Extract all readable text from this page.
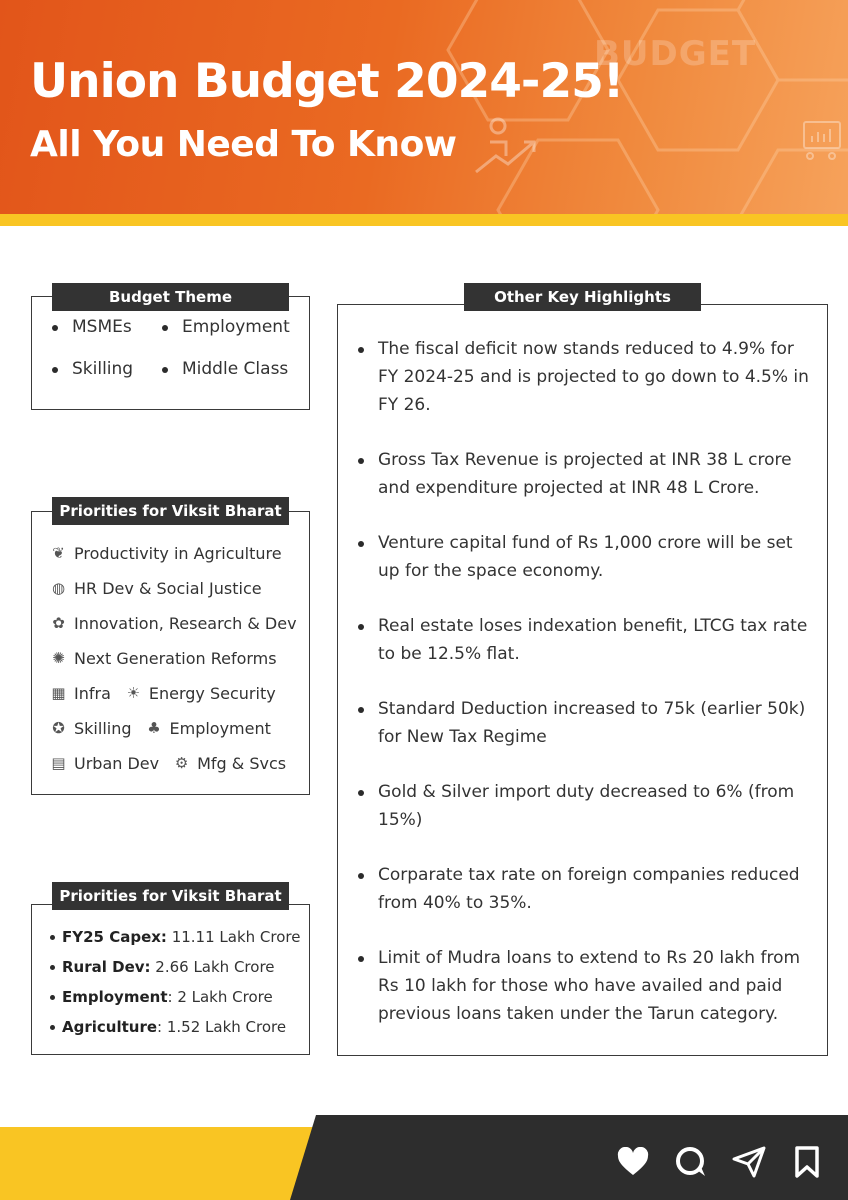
BUDGET
Union Budget 2024-25!
All You Need To Know
MSMEs	Employment
Skilling	Middle Class
Budget Theme
❦ Productivity in Agriculture
◍ HR Dev & Social Justice
✿ Innovation, Research & Dev
✺ Next Generation Reforms
▦ Infra ☀ Energy Security
✪ Skilling ♣ Employment
▤ Urban Dev ⚙ Mfg & Svcs
Priorities for Viksit Bharat
FY25 Capex: 11.11 Lakh Crore
Rural Dev: 2.66 Lakh Crore
Employment: 2 Lakh Crore
Agriculture: 1.52 Lakh Crore
Priorities for Viksit Bharat
The fiscal deficit now stands reduced to 4.9% for FY 2024-25 and is projected to go down to 4.5% in FY 26.
Gross Tax Revenue is projected at INR 38 L crore and expenditure projected at INR 48 L Crore.
Venture capital fund of Rs 1,000 crore will be set up for the space economy.
Real estate loses indexation benefit, LTCG tax rate to be 12.5% flat.
Standard Deduction increased to 75k (earlier 50k) for New Tax Regime
Gold & Silver import duty decreased to 6% (from 15%)
Corparate tax rate on foreign companies reduced from 40% to 35%.
Limit of Mudra loans to extend to Rs 20 lakh from Rs 10 lakh for those who have availed and paid previous loans taken under the Tarun category.
Other Key Highlights
